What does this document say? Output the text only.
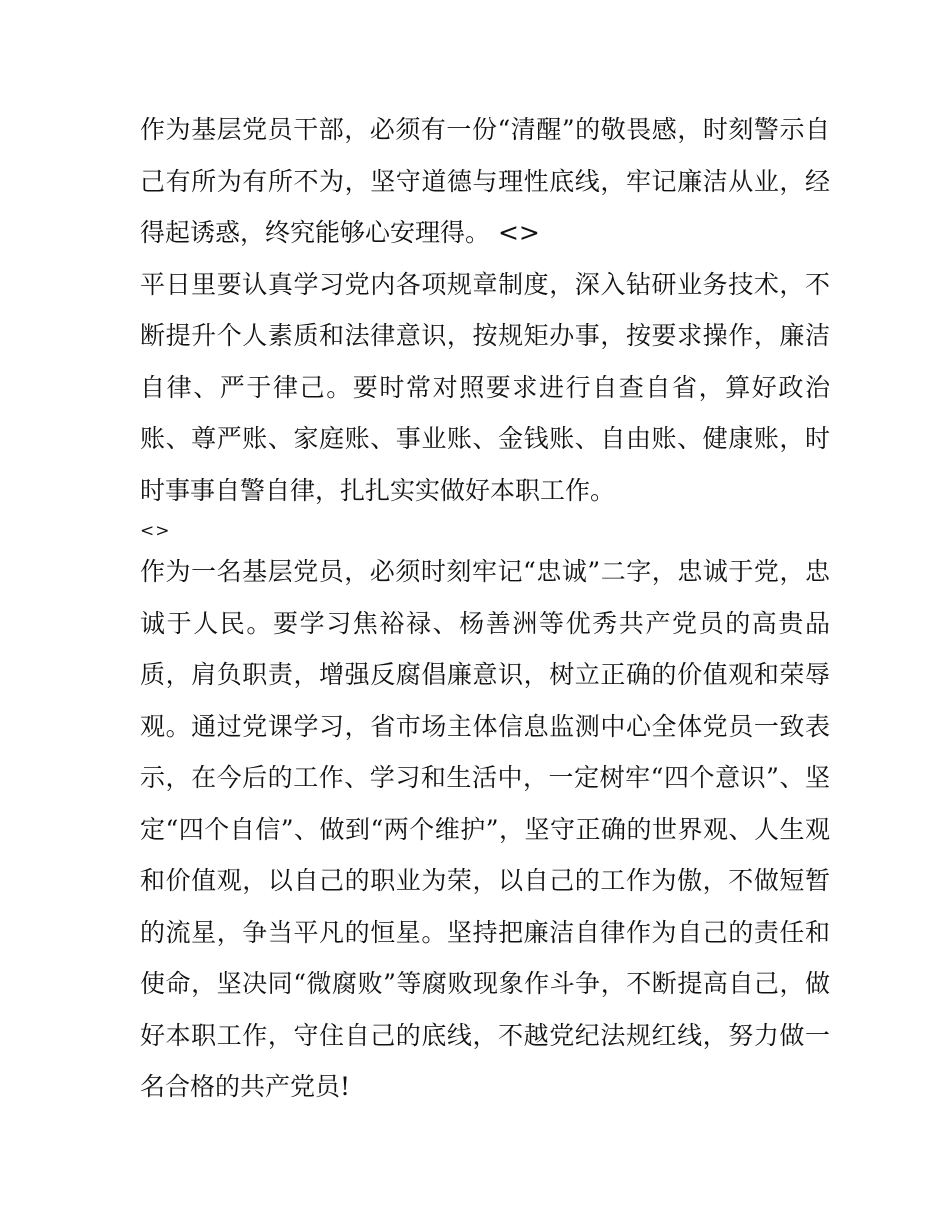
作为基层党员干部，必须有一份“清醒”的敬畏感，时刻警示自己有所为有所不为，坚守道德与理性底线，牢记廉洁从业，经得起诱惑，终究能够心安理得。 <>

平日里要认真学习党内各项规章制度，深入钻研业务技术，不断提升个人素质和法律意识，按规矩办事，按要求操作，廉洁自律、严于律己。要时常对照要求进行自查自省，算好政治账、尊严账、家庭账、事业账、金钱账、自由账、健康账，时时事事自警自律，扎扎实实做好本职工作。

<>

作为一名基层党员，必须时刻牢记“忠诚”二字，忠诚于党，忠诚于人民。要学习焦裕禄、杨善洲等优秀共产党员的高贵品质，肩负职责，增强反腐倡廉意识，树立正确的价值观和荣辱观。通过党课学习，省市场主体信息监测中心全体党员一致表示，在今后的工作、学习和生活中，一定树牢“四个意识”、坚定“四个自信”、做到“两个维护”，坚守正确的世界观、人生观和价值观，以自己的职业为荣，以自己的工作为傲，不做短暂的流星，争当平凡的恒星。坚持把廉洁自律作为自己的责任和使命，坚决同“微腐败”等腐败现象作斗争，不断提高自己，做好本职工作，守住自己的底线，不越党纪法规红线，努力做一名合格的共产党员!
